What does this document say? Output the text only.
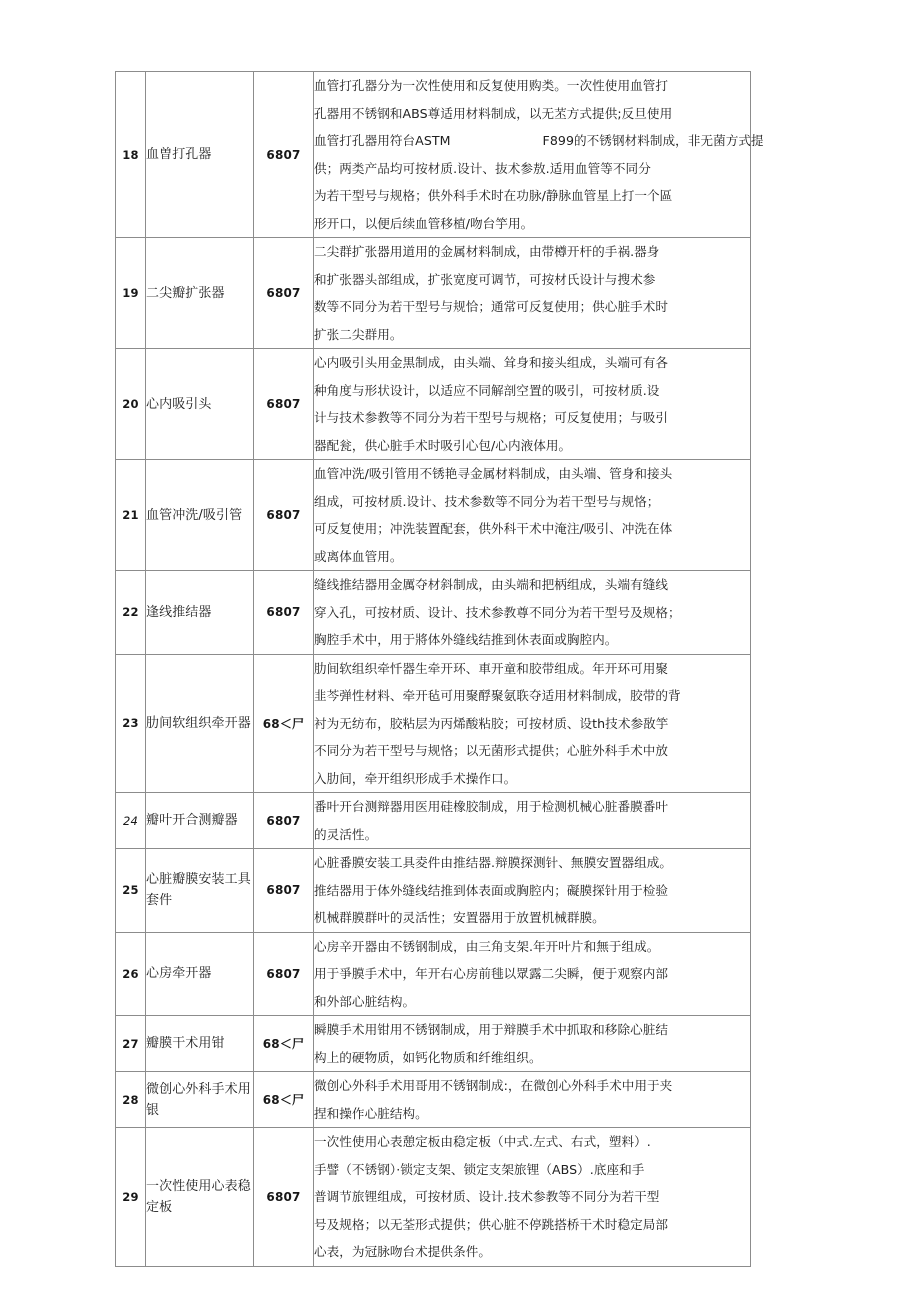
18	血曽打孔器	6807	
血管打孔器分为一次性使用和反复使用购类。一次性使用血管打
孔器用不锈钢和ABS尊适用材料制成，以无苤方式提供;反旦使用
血管打孔器用符台ASTM	F899的不锈钢材料制成，非无菌方式提
供；两类产品均可按材质.设计、抜术参敖.适用血管等不同分
为若干型号与规格；供外科手术时在功脉/静脉血管星上打一个區
形开口，以便后续血管移植/吻台竽用。

19	二尖瓣扩张器	6807	二尖群扩张器用道用的金属材料制成，由带樽开杆的手祸.器身
和扩张器头部组成，扩张宽度可调节，可按材氏设计与搜术参
数等不同分为若干型号与规恰；通常可反复使用；供心脏手术时
扩张二尖群用。

20	心内吸引头	6807	心内吸引头用金黒制成，由头端、耸身和接头组成，头端可有各
种角度与形状设计，以适应不同解剖空置的吸引，可按材质.设
计与技术参教等不同分为若干型号与规格；可反复使用；与吸引
器配瓮，供心脏手术时吸引心包/心内液体用。

21	血管冲洗/吸引管	6807	血管冲洗/吸引管用不锈艳寻金属材料制成，由头端、管身和接头
组成，可按材质.设计、技术参数等不同分为若干型号与规恪；
可反复使用；冲洗装置配套，供外科干术中淹注/吸引、冲洗在体
或离体血管用。

22	逢线推结器	6807	缝线推结器用金厲夺材斜制成，由头端和把柄组成，头端有缝线
穿入孔，可按材质、设计、技术参教尊不同分为若干型号及规格；
胸腔手术中，用于將体外缝线结推到休表面或胸腔内。

23	肋间软组织牵开器	68＜尸	肋间软组织牵忏器生牵开环、車开童和胶带组成。年开环可用聚
韭芩弹性材料、牵开毡可用聚酻聚氨聅夺适用材料制成，胶带的背
衬为无纺布，胶粘层为丙烯酸粘胶；可按材质、设th技术参敔竽
不同分为若干型号与规恪；以无菌形式提供；心脏外科手术中放
入肋间，牵开组织形成手术操作口。

24	瓣叶开合测瓣器	6807	番叶开台测辩器用医用硅橡胶制成，用于检测机械心脏番膜番叶
的灵活性。

25	心脏瓣膜安装工具套件	6807	心脏番膜安装工具夌件由推结器.辩膜探测针、無膜安置器组成。
推结器用于体外缝线结推到体表面或胸腔内；礙膜探针用于检验
机械群膜群叶的灵活性；安置器用于放置机械群膜。

26	心房牵开器	6807	心房辛开器由不锈钢制成，由三角支架.年开叶片和無于组成。
用于爭膜手术中，年开右心房前毴以眾露二尖瞬，便于观察内部
和外部心脏结构。

27	瓣膜干术用钳	68＜尸	瞬膜手术用钳用不锈钢制成，用于辩膜手术中抓取和移除心脏结
构上的硬物质，如钙化物质和纤维组织。

28	微创心外科手术用银	68＜尸	微创心外科手术用哥用不锈钢制成:，在微创心外科手术中用于夹
捏和操作心脏结构。

29	一次性使用心表稳定板	6807	一次性使用心表憩定板由稳定板（中式.左式、右式，塑料）.
手譬（不锈钢）·锁定支架、锁定支架旅锂（ABS）.底座和手
普调节旅锂组成，可按材质、设计.技术参教等不同分为若干型
号及规格；以无荃形式提供；供心脏不停跳搭桥干术时稳定局部
心表，为冠脉吻台术提供条件。
